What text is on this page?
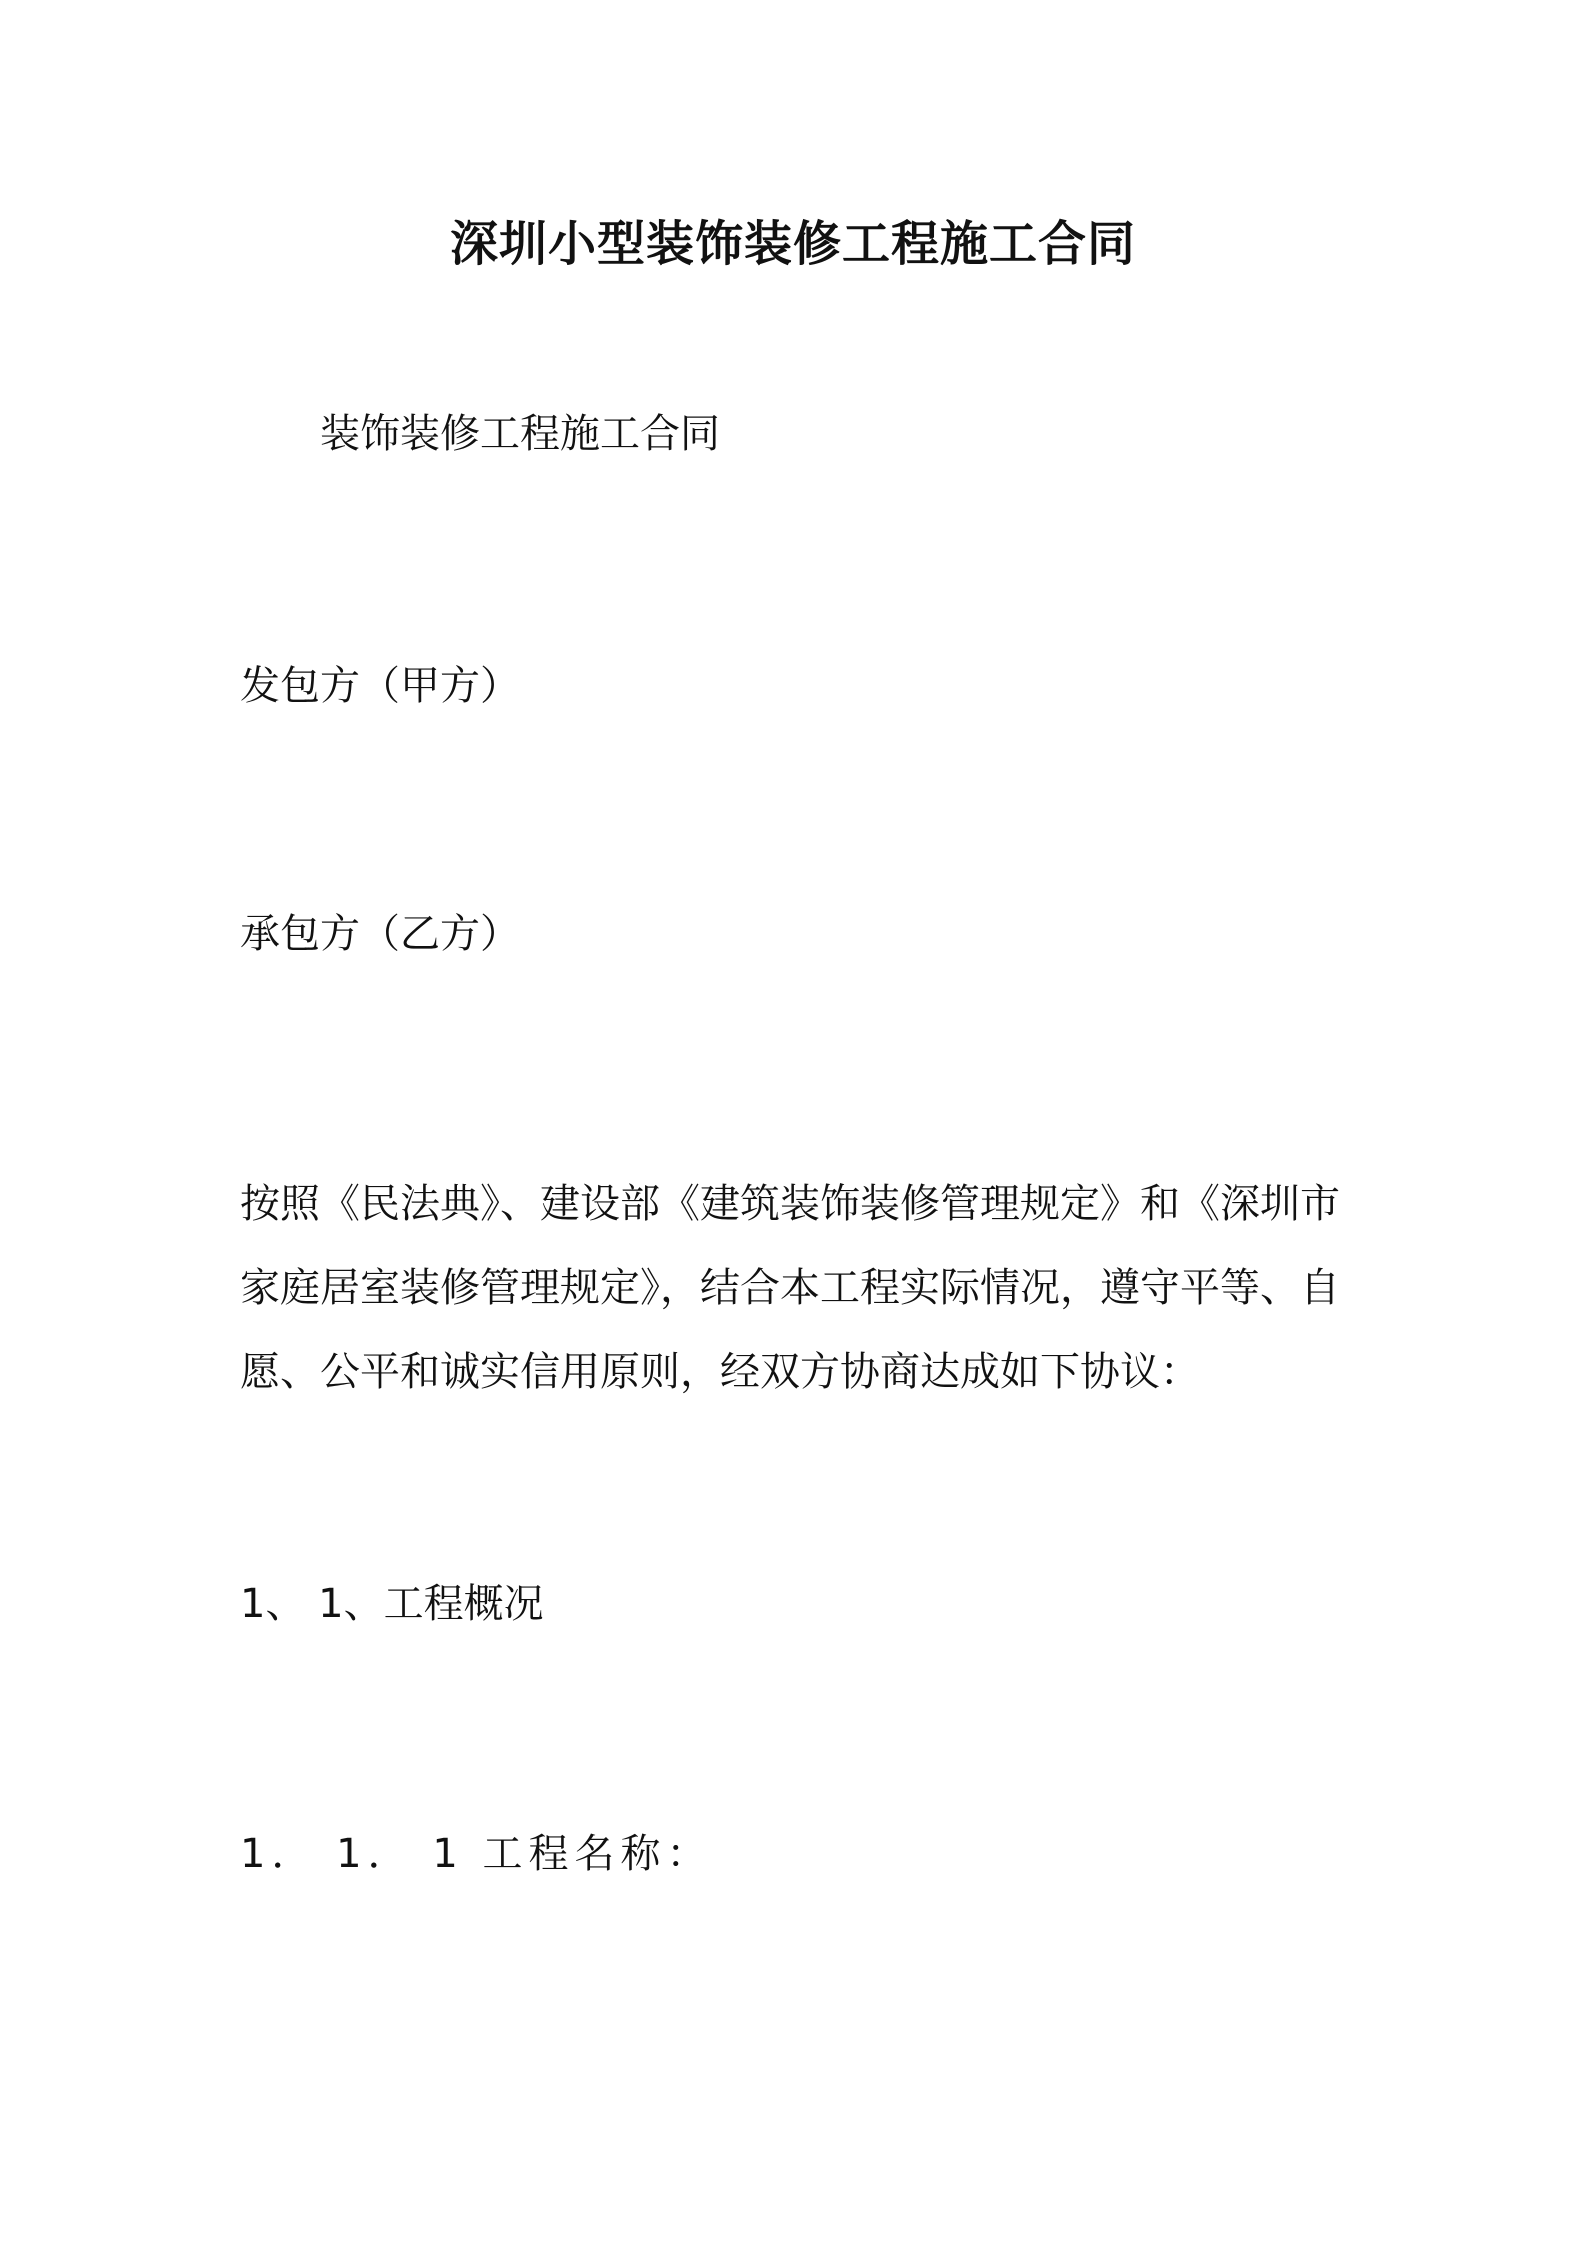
深圳小型装饰装修工程施工合同
装饰装修工程施工合同
发包方（甲方）
承包方（乙方）
按照《民法典》、建设部《建筑装饰装修管理规定》和《深圳市
家庭居室装修管理规定》，结合本工程实际情况，遵守平等、自
愿、公平和诚实信用原则，经双方协商达成如下协议：
1、 1、工程概况
1． 1． 1 工程名称：
